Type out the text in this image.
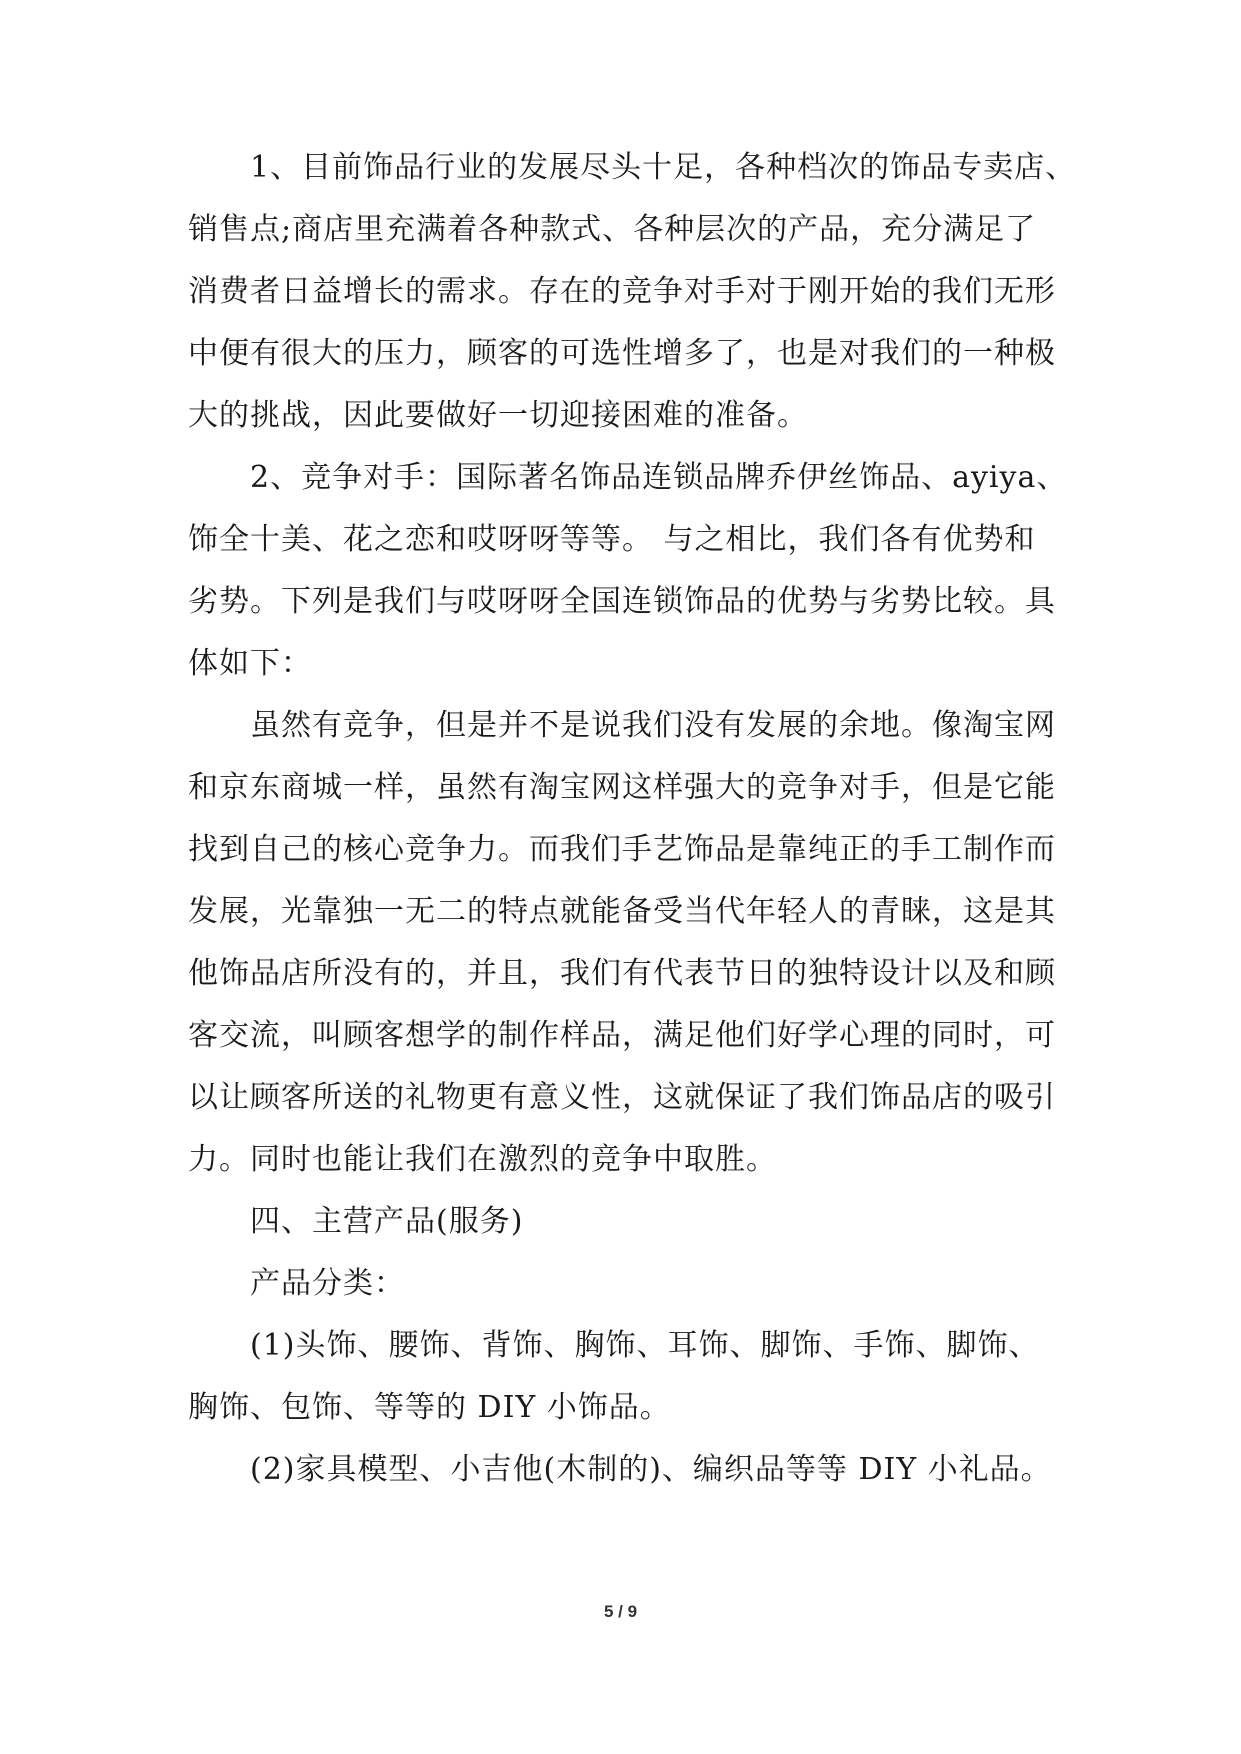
1、目前饰品行业的发展尽头十足，各种档次的饰品专卖店、
销售点;商店里充满着各种款式、各种层次的产品，充分满足了
消费者日益增长的需求。存在的竞争对手对于刚开始的我们无形
中便有很大的压力，顾客的可选性增多了，也是对我们的一种极
大的挑战，因此要做好一切迎接困难的准备。
2、竞争对手：国际著名饰品连锁品牌乔伊丝饰品、ayiya、
饰全十美、花之恋和哎呀呀等等。 与之相比，我们各有优势和
劣势。下列是我们与哎呀呀全国连锁饰品的优势与劣势比较。具
体如下：
虽然有竞争，但是并不是说我们没有发展的余地。像淘宝网
和京东商城一样，虽然有淘宝网这样强大的竞争对手，但是它能
找到自己的核心竞争力。而我们手艺饰品是靠纯正的手工制作而
发展，光靠独一无二的特点就能备受当代年轻人的青睐，这是其
他饰品店所没有的，并且，我们有代表节日的独特设计以及和顾
客交流，叫顾客想学的制作样品，满足他们好学心理的同时，可
以让顾客所送的礼物更有意义性，这就保证了我们饰品店的吸引
力。同时也能让我们在激烈的竞争中取胜。
四、主营产品(服务)
产品分类：
(1)头饰、腰饰、背饰、胸饰、耳饰、脚饰、手饰、脚饰、
胸饰、包饰、等等的 DIY 小饰品。
(2)家具模型、小吉他(木制的)、编织品等等 DIY 小礼品。
5 / 9
